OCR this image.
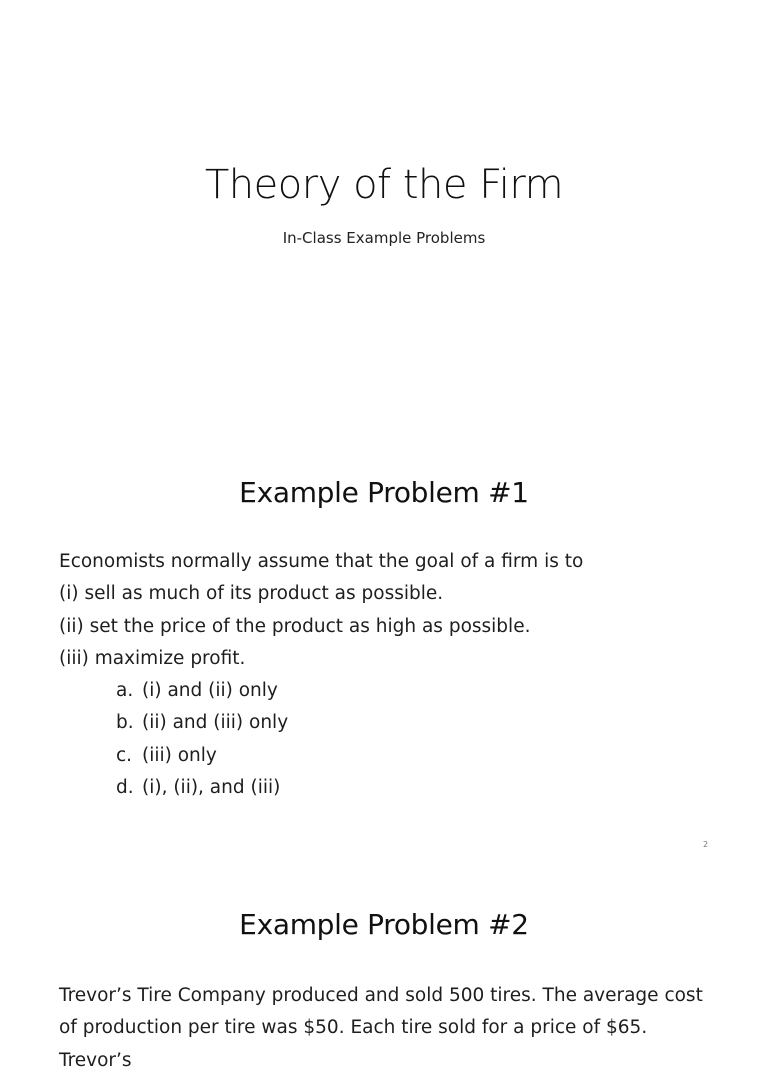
Theory of the Firm
In-Class Example Problems
Example Problem #1
Economists normally assume that the goal of a firm is to
(i) sell as much of its product as possible.
(ii) set the price of the product as high as possible.
(iii) maximize profit.
a. (i) and (ii) only
b. (ii) and (iii) only
c. (iii) only
d. (i), (ii), and (iii)
2
Example Problem #2
Trevor’s Tire Company produced and sold 500 tires. The average cost of production per tire was $50. Each tire sold for a price of $65. Trevor’s
